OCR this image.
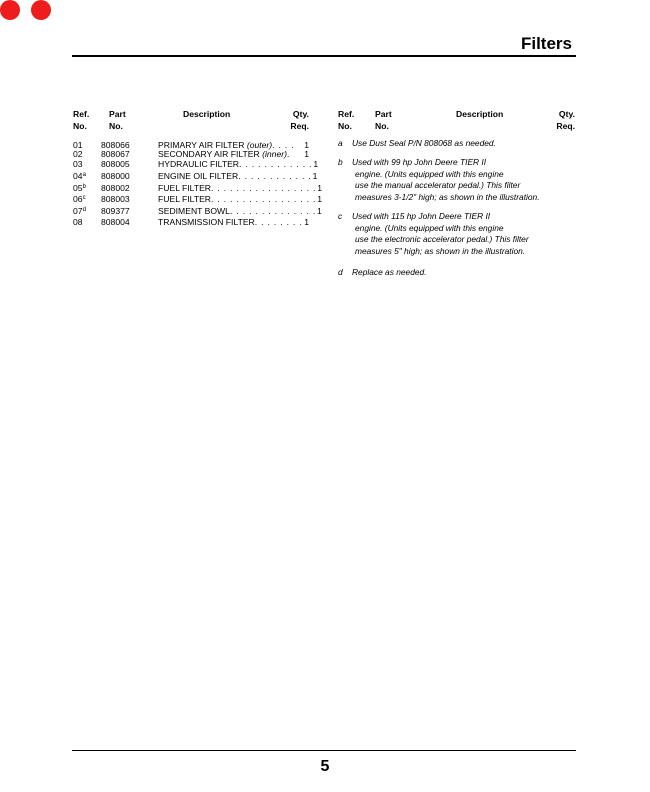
Filters
Ref.
No.
Part
No.
Description	Qty.
Req.
Ref.
No.
Part
No.
Description	Qty.
Req.
01 808066	PRIMARY AIR FILTER (outer) . . . .	1
02 808067	SECONDARY AIR FILTER (inner) .	1
03 808005	HYDRAULIC FILTER . . . . . . . . . . . . 1
04$^a$ 808000	ENGINE OIL FILTER . . . . . . . . . . . . 1
05$^b$ 808002	FUEL FILTER . . . . . . . . . . . . . . . . . 1
06$^c$ 808003	FUEL FILTER . . . . . . . . . . . . . . . . . 1
07$^d$ 809377	SEDIMENT BOWL . . . . . . . . . . . . . . 1
08 808004	TRANSMISSION FILTER . . . . . . . . 1
a Use Dust Seal P/N 808068 as needed.
b Used with 99 hp John Deere TIER II
engine. (Units equipped with this engine
use the manual accelerator pedal.) This filter
measures 3-1/2" high; as shown in the illustration.
c Used with 115 hp John Deere TIER II
engine. (Units equipped with this engine
use the electronic accelerator pedal.) This filter
measures 5" high; as shown in the illustration.
d Replace as needed.
5
